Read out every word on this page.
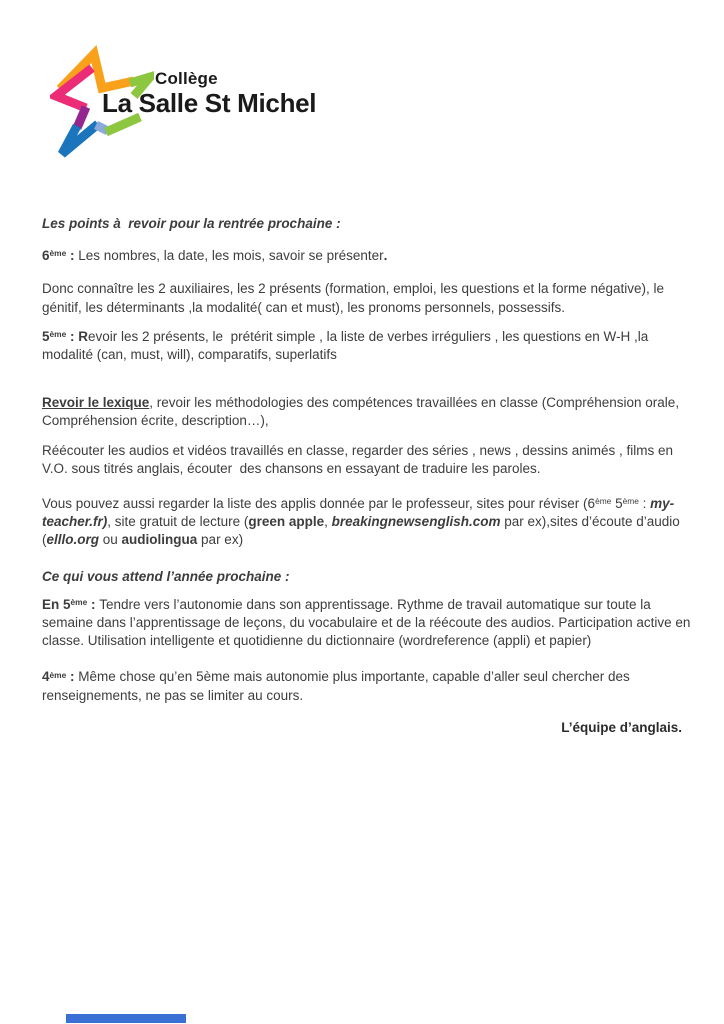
Collège
La Salle St Michel

Les points à  revoir pour la rentrée prochaine :

6ème : Les nombres, la date, les mois, savoir se présenter.

Donc connaître les 2 auxiliaires, les 2 présents (formation, emploi, les questions et la forme négative), le génitif, les déterminants ,la modalité( can et must), les pronoms personnels, possessifs.

5ème : Revoir les 2 présents, le  prétérit simple , la liste de verbes irréguliers , les questions en W-H ,la modalité (can, must, will), comparatifs, superlatifs

Revoir le lexique, revoir les méthodologies des compétences travaillées en classe (Compréhension orale, Compréhension écrite, description…),

Réécouter les audios et vidéos travaillés en classe, regarder des séries , news , dessins animés , films en V.O. sous titrés anglais, écouter  des chansons en essayant de traduire les paroles.

Vous pouvez aussi regarder la liste des applis donnée par le professeur, sites pour réviser (6ème 5ème : my-teacher.fr), site gratuit de lecture (green apple, breakingnewsenglish.com par ex),sites d’écoute d’audio (elllo.org ou audiolingua par ex)

Ce qui vous attend l’année prochaine :

En 5ème : Tendre vers l’autonomie dans son apprentissage. Rythme de travail automatique sur toute la semaine dans l’apprentissage de leçons, du vocabulaire et de la réécoute des audios. Participation active en classe. Utilisation intelligente et quotidienne du dictionnaire (wordreference (appli) et papier)

4ème : Même chose qu’en 5ème mais autonomie plus importante, capable d’aller seul chercher des renseignements, ne pas se limiter au cours.

L’équipe d’anglais.
